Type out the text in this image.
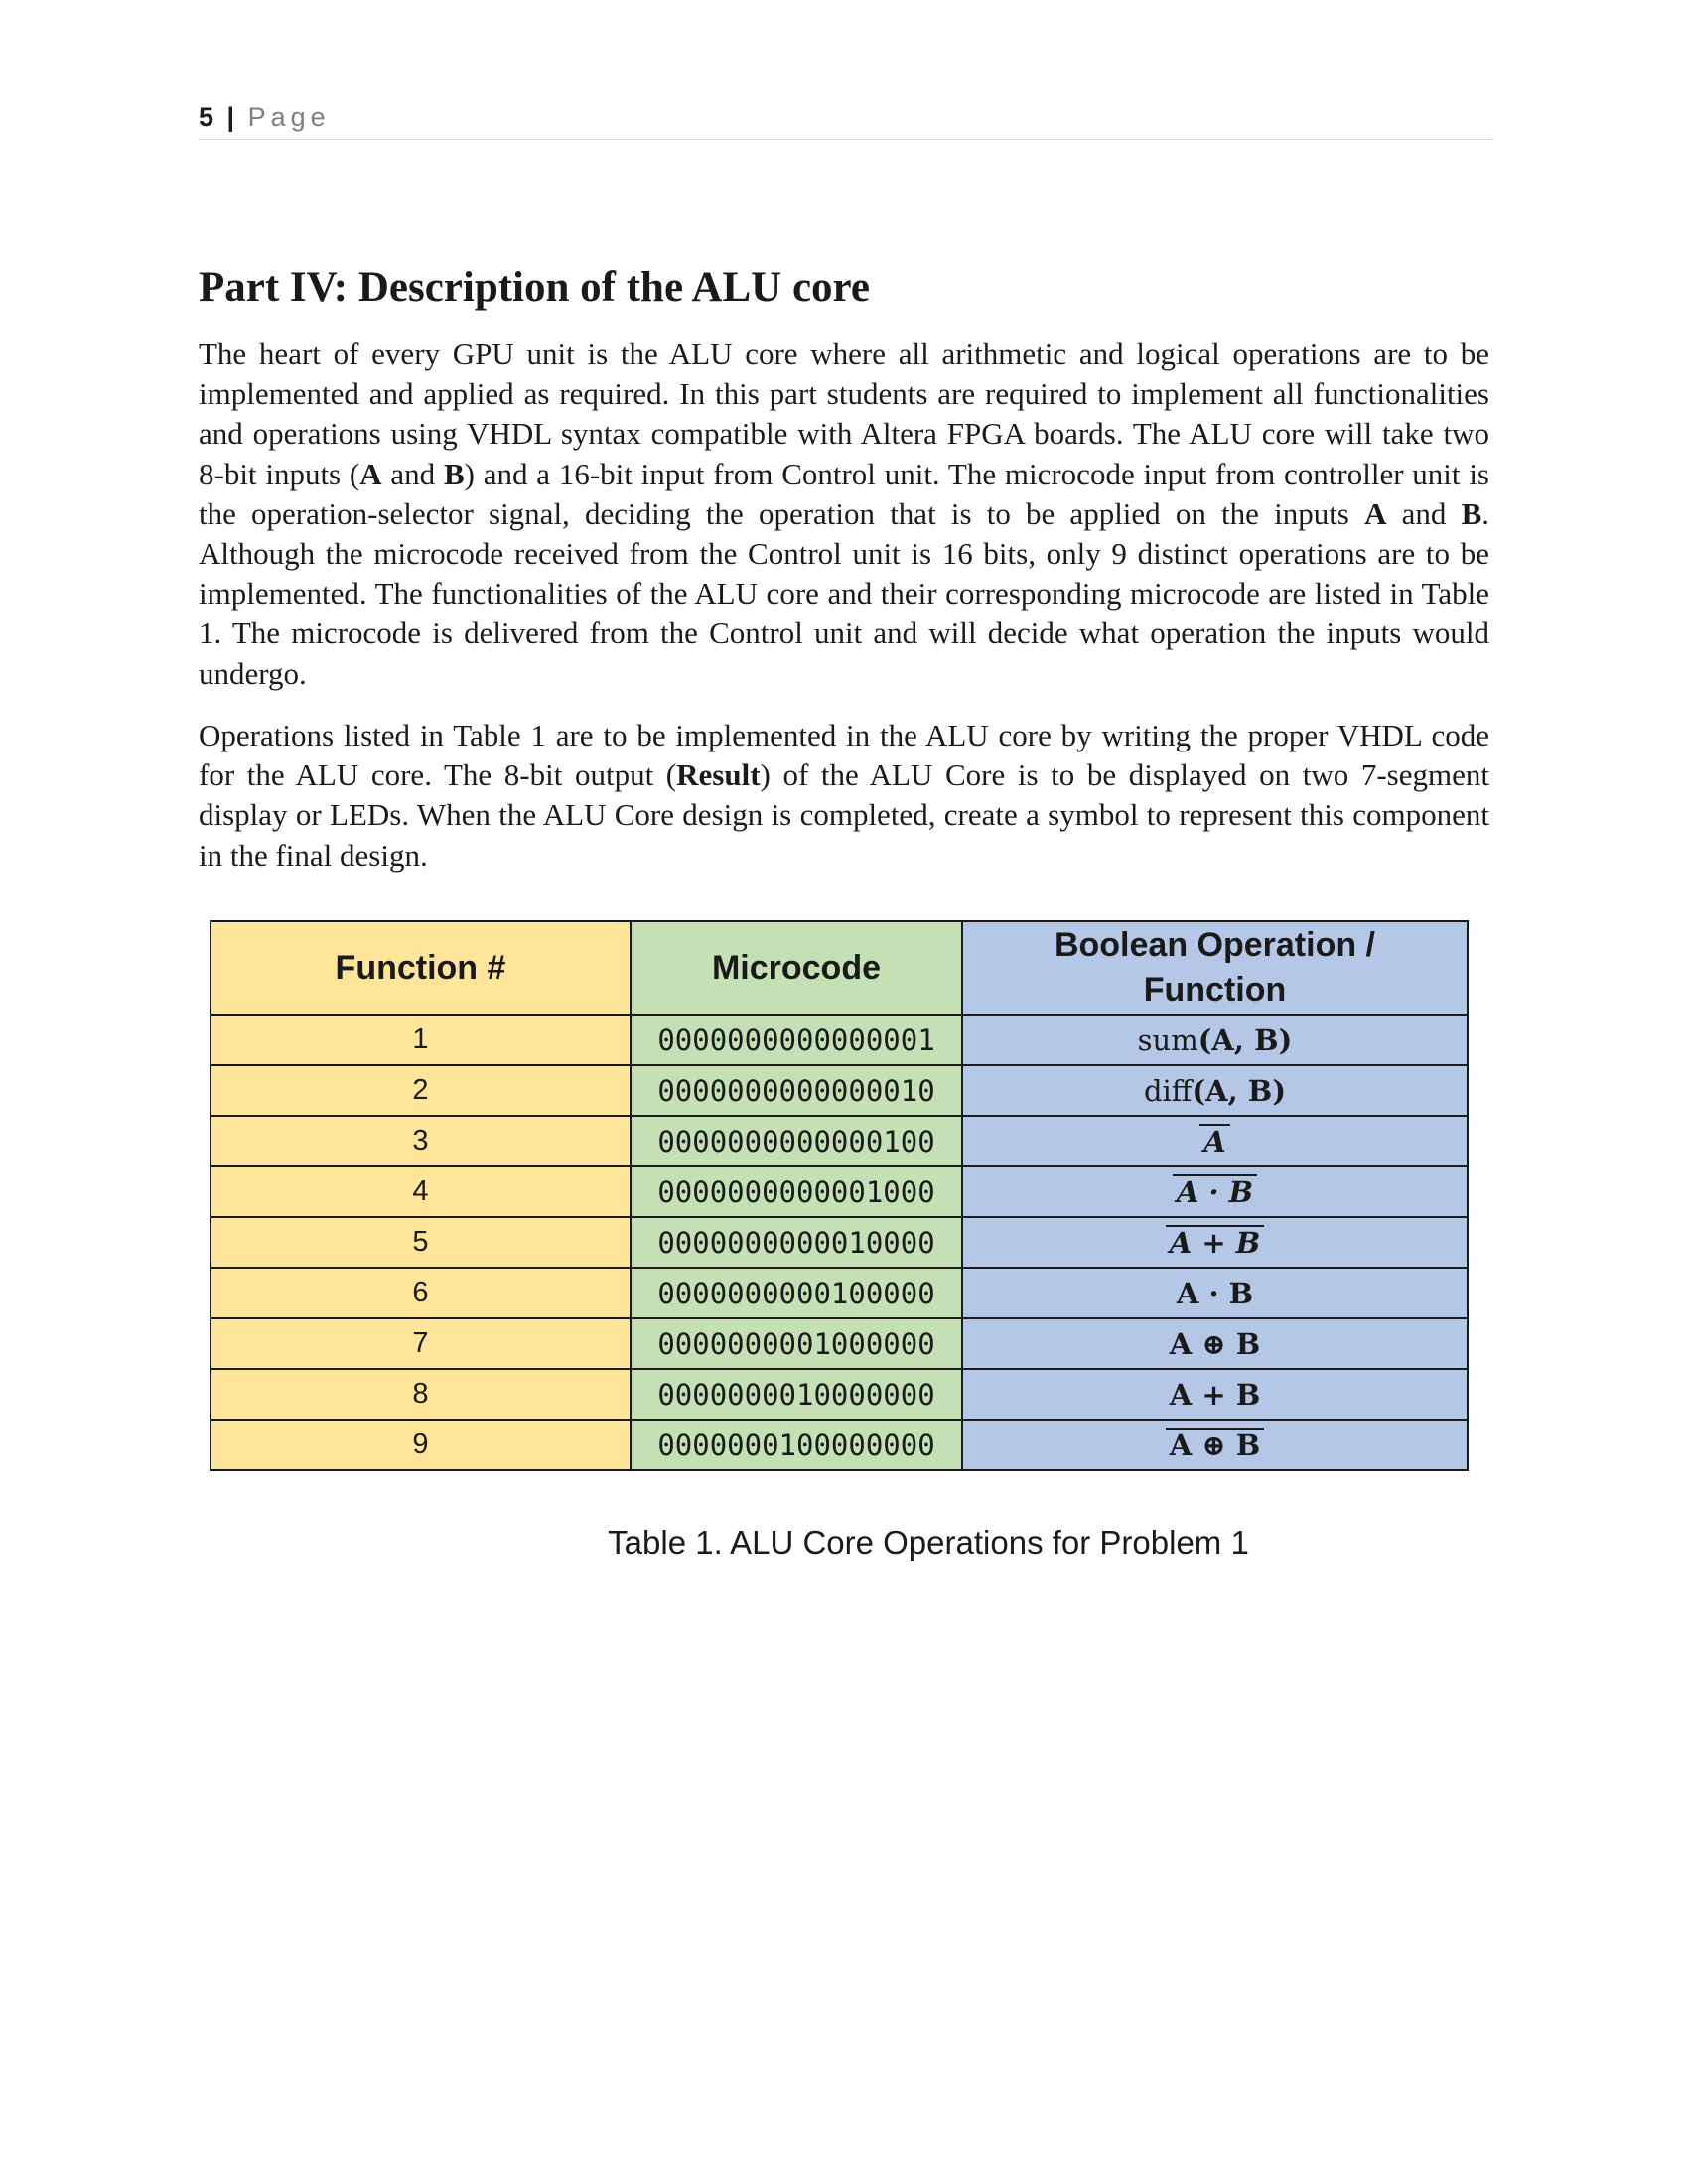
5 | Page
Part IV: Description of the ALU core

The heart of every GPU unit is the ALU core where all arithmetic and logical operations are to be implemented and applied as required. In this part students are required to implement all functionalities and operations using VHDL syntax compatible with Altera FPGA boards. The ALU core will take two 8-bit inputs (A and B) and a 16-bit input from Control unit. The microcode input from controller unit is the operation-selector signal, deciding the operation that is to be applied on the inputs A and B. Although the microcode received from the Control unit is 16 bits, only 9 distinct operations are to be implemented. The functionalities of the ALU core and their corresponding microcode are listed in Table 1. The microcode is delivered from the Control unit and will decide what operation the inputs would undergo.

Operations listed in Table 1 are to be implemented in the ALU core by writing the proper VHDL code for the ALU core. The 8-bit output (Result) of the ALU Core is to be displayed on two 7-segment display or LEDs. When the ALU Core design is completed, create a symbol to represent this component in the final design.

Function #	Microcode	Boolean Operation /
Function
1	0000000000000001	sum(A, B)
2	0000000000000010	diff(A, B)
3	0000000000000100	A
4	0000000000001000	A · B
5	0000000000010000	A + B
6	0000000000100000	A · B
7	0000000001000000	A ⊕ B
8	0000000010000000	A + B
9	0000000100000000	A ⊕ B
Table 1. ALU Core Operations for Problem 1
